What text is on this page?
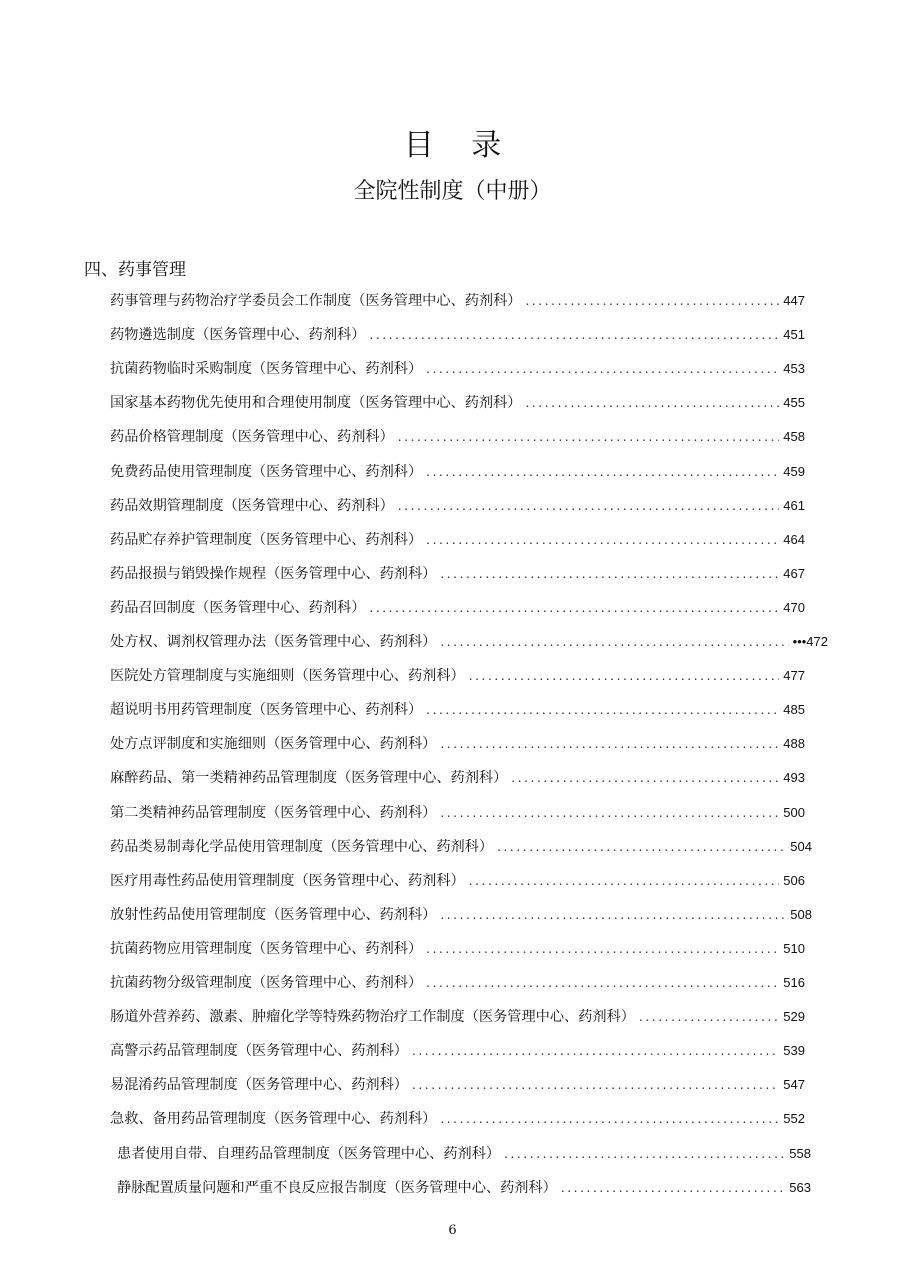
目 录
全院性制度（中册）
四、药事管理
药事管理与药物治疗学委员会工作制度（医务管理中心、药剂科） . . .	447
药物遴选制度（医务管理中心、药剂科） . . .	451
抗菌药物临时采购制度（医务管理中心、药剂科） . . .	453
国家基本药物优先使用和合理使用制度（医务管理中心、药剂科） . . .	455
药品价格管理制度（医务管理中心、药剂科） . . .	458
免费药品使用管理制度（医务管理中心、药剂科） . . .	459
药品效期管理制度（医务管理中心、药剂科） . . .	461
药品贮存养护管理制度（医务管理中心、药剂科） . . .	464
药品报损与销毁操作规程（医务管理中心、药剂科） . . .	467
药品召回制度（医务管理中心、药剂科） . . .	470
处方权、调剂权管理办法（医务管理中心、药剂科） . . .	•••472
医院处方管理制度与实施细则（医务管理中心、药剂科） . . .	477
超说明书用药管理制度（医务管理中心、药剂科） . . .	485
处方点评制度和实施细则（医务管理中心、药剂科） . . .	488
麻醉药品、第一类精神药品管理制度（医务管理中心、药剂科） . . .	493
第二类精神药品管理制度（医务管理中心、药剂科） . . .	500
药品类易制毒化学品使用管理制度（医务管理中心、药剂科） . . .	504
医疗用毒性药品使用管理制度（医务管理中心、药剂科） . . .	506
放射性药品使用管理制度（医务管理中心、药剂科） . . .	508
抗菌药物应用管理制度（医务管理中心、药剂科） . . .	510
抗菌药物分级管理制度（医务管理中心、药剂科） . . .	516
肠道外营养药、激素、肿瘤化学等特殊药物治疗工作制度（医务管理中心、药剂科） . . .	529
高警示药品管理制度（医务管理中心、药剂科） . . .	539
易混淆药品管理制度（医务管理中心、药剂科） . . .	547
急救、备用药品管理制度（医务管理中心、药剂科） . . .	552
患者使用自带、自理药品管理制度（医务管理中心、药剂科） . . .	558
静脉配置质量问题和严重不良反应报告制度（医务管理中心、药剂科） . . .	563
6
